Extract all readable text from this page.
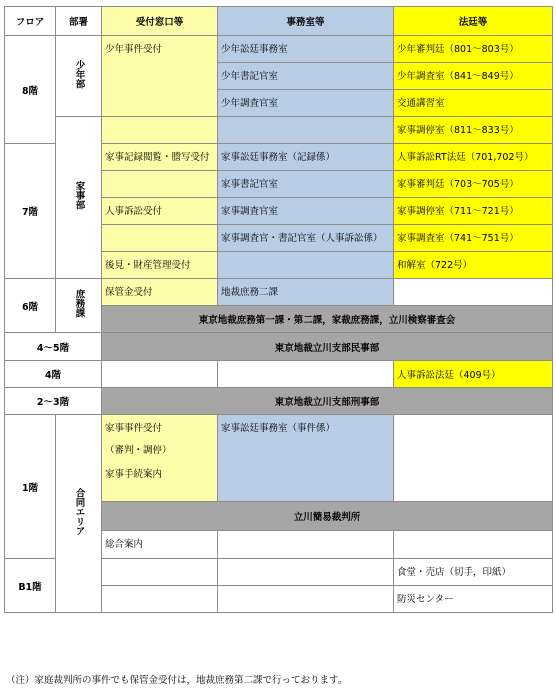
フロア	部署	受付窓口等	事務室等	法廷等
8階	少年部	少年事件受付	少年訟廷事務室	少年審判廷（801～803号）

			少年書記官室	少年調査室（841～849号）

			少年調査官室	交通講習室

	家事部			家事調停室（811～833号）

7階		家事記録閲覧・謄写受付	家事訟廷事務室（記録係）	人事訴訟RT法廷（701,702号）

			家事書記官室	家事審判廷（703～705号）

		人事訴訟受付	家事調査官室	家事調停室（711～721号）

			家事調査官・書記官室（人事訴訟係）	家事調査室（741～751号）

		後見・財産管理受付		和解室（722号）

6階	庶務課	保管金受付	地裁庶務二課	

		東京地裁庶務第一課・第二課，家裁庶務課，立川検察審査会		
4～5階		東京地裁立川支部民事部		
4階				人事訴訟法廷（409号）
2～3階		東京地裁立川支部刑事部		
1階	合同エリア	家事事件受付
（審判・調停）
家事手続案内	家事訟廷事務室（事件係）	

		立川簡易裁判所		

		総合案内		

B1階				食堂・売店（切手，印紙）

				防災センター
（注）家庭裁判所の事件でも保管金受付は，地裁庶務第二課で行っております。
